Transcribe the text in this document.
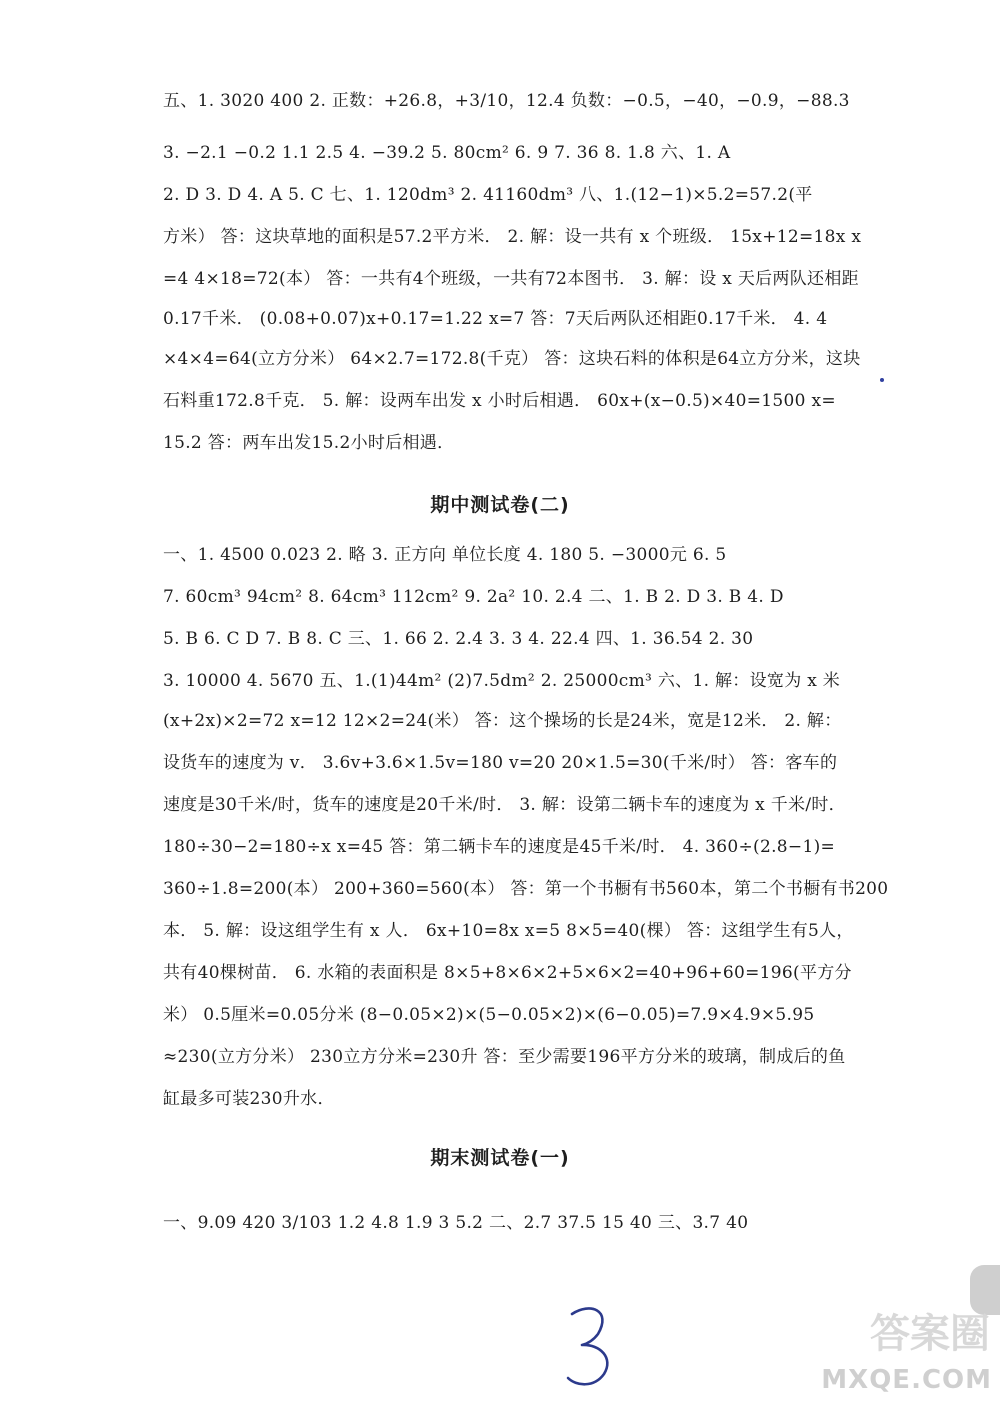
五、1. 3020 400 2. 正数：+26.8，+3/10，12.4 负数：−0.5，−40，−0.9，−88.3
3. −2.1 −0.2 1.1 2.5 4. −39.2 5. 80cm² 6. 9 7. 36 8. 1.8 六、1. A
2. D 3. D 4. A 5. C 七、1. 120dm³ 2. 41160dm³ 八、1.(12−1)×5.2=57.2(平
方米） 答：这块草地的面积是57.2平方米． 2. 解：设一共有 x 个班级． 15x+12=18x x
=4 4×18=72(本） 答：一共有4个班级，一共有72本图书． 3. 解：设 x 天后两队还相距
0.17千米． (0.08+0.07)x+0.17=1.22 x=7 答：7天后两队还相距0.17千米． 4. 4
×4×4=64(立方分米） 64×2.7=172.8(千克） 答：这块石料的体积是64立方分米，这块
石料重172.8千克． 5. 解：设两车出发 x 小时后相遇． 60x+(x−0.5)×40=1500 x=
15.2 答：两车出发15.2小时后相遇．
期中测试卷(二)
一、1. 4500 0.023 2. 略 3. 正方向 单位长度 4. 180 5. −3000元 6. 5
7. 60cm³ 94cm² 8. 64cm³ 112cm² 9. 2a² 10. 2.4 二、1. B 2. D 3. B 4. D
5. B 6. C D 7. B 8. C 三、1. 66 2. 2.4 3. 3 4. 22.4 四、1. 36.54 2. 30
3. 10000 4. 5670 五、1.(1)44m² (2)7.5dm² 2. 25000cm³ 六、1. 解：设宽为 x 米
(x+2x)×2=72 x=12 12×2=24(米） 答：这个操场的长是24米，宽是12米． 2. 解：
设货车的速度为 v． 3.6v+3.6×1.5v=180 v=20 20×1.5=30(千米/时） 答：客车的
速度是30千米/时，货车的速度是20千米/时． 3. 解：设第二辆卡车的速度为 x 千米/时．
180÷30−2=180÷x x=45 答：第二辆卡车的速度是45千米/时． 4. 360÷(2.8−1)=
360÷1.8=200(本） 200+360=560(本） 答：第一个书橱有书560本，第二个书橱有书200
本． 5. 解：设这组学生有 x 人． 6x+10=8x x=5 8×5=40(棵） 答：这组学生有5人，
共有40棵树苗． 6. 水箱的表面积是 8×5+8×6×2+5×6×2=40+96+60=196(平方分
米） 0.5厘米=0.05分米 (8−0.05×2)×(5−0.05×2)×(6−0.05)=7.9×4.9×5.95
≈230(立方分米） 230立方分米=230升 答：至少需要196平方分米的玻璃，制成后的鱼
缸最多可装230升水．
期末测试卷(一)
一、9.09 420 3/103 1.2 4.8 1.9 3 5.2 二、2.7 37.5 15 40 三、3.7 40
答案圈
MXQE.COM
